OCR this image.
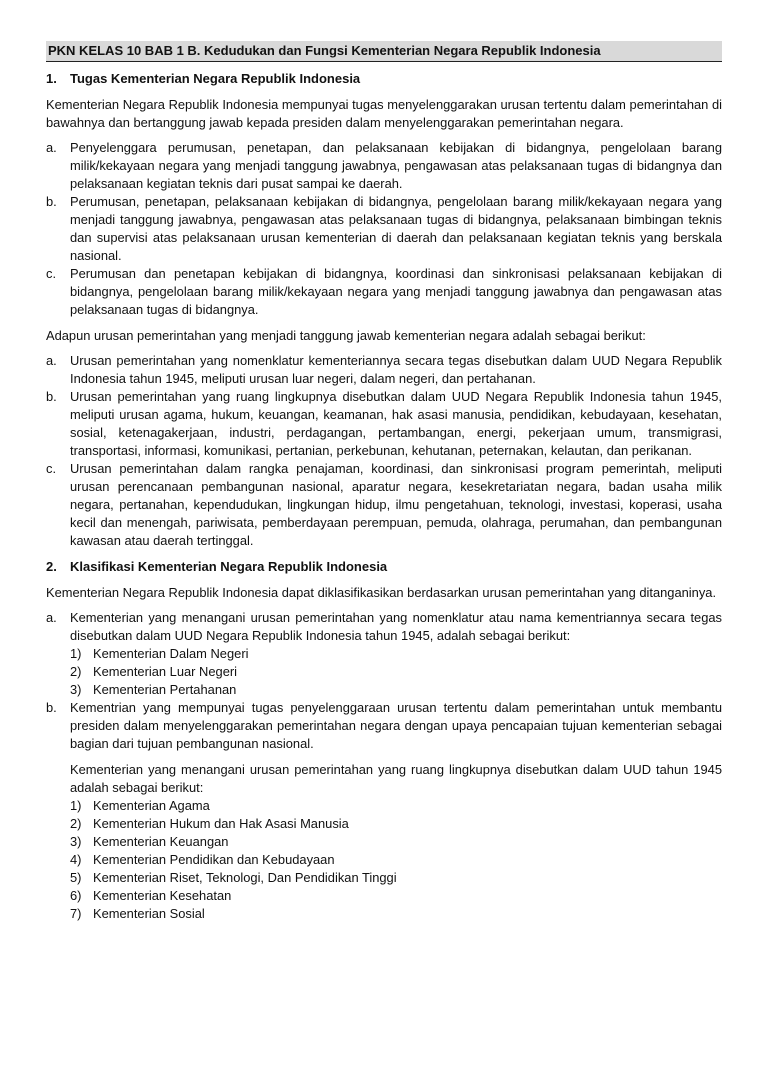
PKN KELAS 10 BAB 1 B. Kedudukan dan Fungsi Kementerian Negara Republik Indonesia
1.	Tugas Kementerian Negara Republik Indonesia

Kementerian Negara Republik Indonesia mempunyai tugas menyelenggarakan urusan tertentu dalam pemerintahan di bawahnya dan bertanggung jawab kepada presiden dalam menyelenggarakan pemerintahan negara.

a.	Penyelenggara perumusan, penetapan, dan pelaksanaan kebijakan di bidangnya, pengelolaan barang milik/kekayaan negara yang menjadi tanggung jawabnya, pengawasan atas pelaksanaan tugas di bidangnya dan pelaksanaan kegiatan teknis dari pusat sampai ke daerah.
b.	Perumusan, penetapan, pelaksanaan kebijakan di bidangnya, pengelolaan barang milik/kekayaan negara yang menjadi tanggung jawabnya, pengawasan atas pelaksanaan tugas di bidangnya, pelaksanaan bimbingan teknis dan supervisi atas pelaksanaan urusan kementerian di daerah dan pelaksanaan kegiatan teknis yang berskala nasional.
c.	Perumusan dan penetapan kebijakan di bidangnya, koordinasi dan sinkronisasi pelaksanaan kebijakan di bidangnya, pengelolaan barang milik/kekayaan negara yang menjadi tanggung jawabnya dan pengawasan atas pelaksanaan tugas di bidangnya.

Adapun urusan pemerintahan yang menjadi tanggung jawab kementerian negara adalah sebagai berikut:

a.	Urusan pemerintahan yang nomenklatur kementeriannya secara tegas disebutkan dalam UUD Negara Republik Indonesia tahun 1945, meliputi urusan luar negeri, dalam negeri, dan pertahanan.
b.	Urusan pemerintahan yang ruang lingkupnya disebutkan dalam UUD Negara Republik Indonesia tahun 1945, meliputi urusan agama, hukum, keuangan, keamanan, hak asasi manusia, pendidikan, kebudayaan, kesehatan, sosial, ketenagakerjaan, industri, perdagangan, pertambangan, energi, pekerjaan umum, transmigrasi, transportasi, informasi, komunikasi, pertanian, perkebunan, kehutanan, peternakan, kelautan, dan perikanan.
c.	Urusan pemerintahan dalam rangka penajaman, koordinasi, dan sinkronisasi program pemerintah, meliputi urusan perencanaan pembangunan nasional, aparatur negara, kesekretariatan negara, badan usaha milik negara, pertanahan, kependudukan, lingkungan hidup, ilmu pengetahuan, teknologi, investasi, koperasi, usaha kecil dan menengah, pariwisata, pemberdayaan perempuan, pemuda, olahraga, perumahan, dan pembangunan kawasan atau daerah tertinggal.
2.	Klasifikasi Kementerian Negara Republik Indonesia

Kementerian Negara Republik Indonesia dapat diklasifikasikan berdasarkan urusan pemerintahan yang ditanganinya.

a.	Kementerian yang menangani urusan pemerintahan yang nomenklatur atau nama kementriannya secara tegas disebutkan dalam UUD Negara Republik Indonesia tahun 1945, adalah sebagai berikut:
1) Kementerian Dalam Negeri
2) Kementerian Luar Negeri
3) Kementerian Pertahanan
b.	Kementrian yang mempunyai tugas penyelenggaraan urusan tertentu dalam pemerintahan untuk membantu presiden dalam menyelenggarakan pemerintahan negara dengan upaya pencapaian tujuan kementerian sebagai bagian dari tujuan pembangunan nasional.

Kementerian yang menangani urusan pemerintahan yang ruang lingkupnya disebutkan dalam UUD tahun 1945 adalah sebagai berikut:

1) Kementerian Agama
2) Kementerian Hukum dan Hak Asasi Manusia
3) Kementerian Keuangan
4) Kementerian Pendidikan dan Kebudayaan
5) Kementerian Riset, Teknologi, Dan Pendidikan Tinggi
6) Kementerian Kesehatan
7) Kementerian Sosial
